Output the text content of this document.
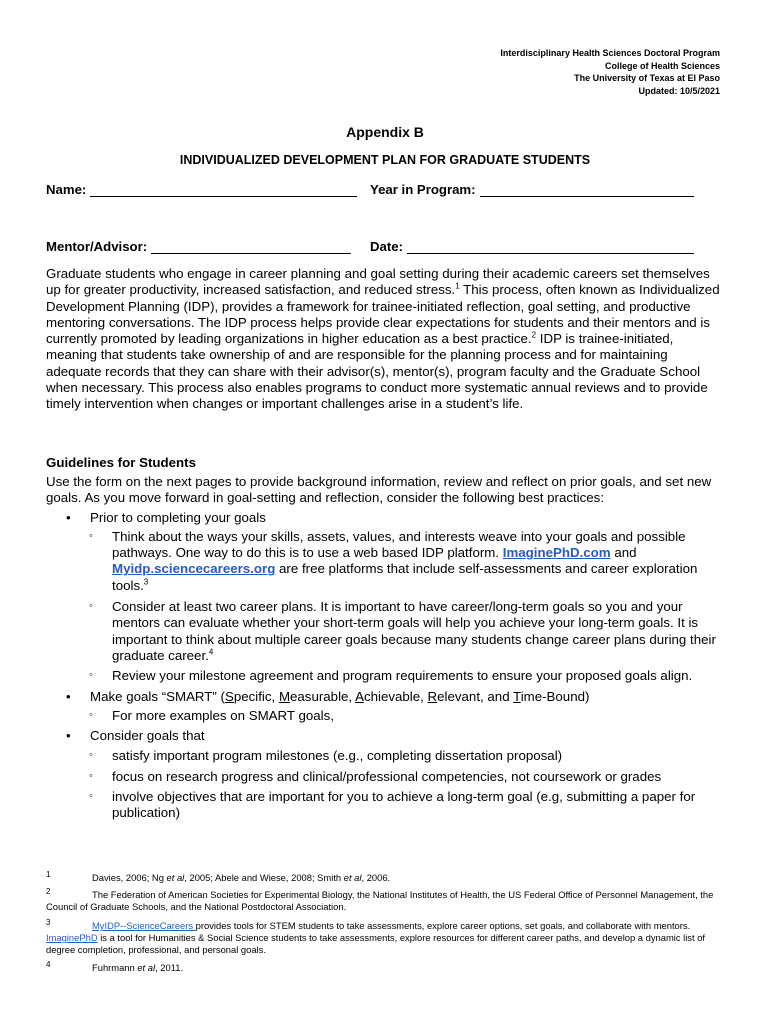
Interdisciplinary Health Sciences Doctoral Program
College of Health Sciences
The University of Texas at El Paso
Updated: 10/5/2021
Appendix B
INDIVIDUALIZED DEVELOPMENT PLAN FOR GRADUATE STUDENTS
Name:	Year in Program:
Mentor/Advisor:	Date:

Graduate students who engage in career planning and goal setting during their academic careers set themselves up for greater productivity, increased satisfaction, and reduced stress.$^1$ This process, often known as Individualized Development Planning (IDP), provides a framework for trainee-initiated reflection, goal setting, and productive mentoring conversations. The IDP process helps provide clear expectations for students and their mentors and is currently promoted by leading organizations in higher education as a best practice.$^2$ IDP is trainee-initiated, meaning that students take ownership of and are responsible for the planning process and for maintaining adequate records that they can share with their advisor(s), mentor(s), program faculty and the Graduate School when necessary. This process also enables programs to conduct more systematic annual reviews and to provide timely intervention when changes or important challenges arise in a student’s life.

Guidelines for Students

Use the form on the next pages to provide background information, review and reflect on prior goals, and set new goals. As you move forward in goal-setting and reflection, consider the following best practices:

• Prior to completing your goals
◦ Think about the ways your skills, assets, values, and interests weave into your goals and possible pathways. One way to do this is to use a web based IDP platform. ImaginePhD.com and Myidp.sciencecareers.org are free platforms that include self-assessments and career exploration tools.$^3$
◦ Consider at least two career plans. It is important to have career/long-term goals so you and your mentors can evaluate whether your short-term goals will help you achieve your long-term goals. It is important to think about multiple career goals because many students change career plans during their graduate career.$^4$
◦ Review your milestone agreement and program requirements to ensure your proposed goals align.
• Make goals “SMART” (Specific, Measurable, Achievable, Relevant, and Time-Bound)
◦ For more examples on SMART goals,
• Consider goals that
◦ satisfy important program milestones (e.g., completing dissertation proposal)
◦ focus on research progress and clinical/professional competencies, not coursework or grades
◦ involve objectives that are important for you to achieve a long-term goal (e.g, submitting a paper for publication)
1	Davies, 2006; Ng et al, 2005; Abele and Wiese, 2008; Smith et al, 2006.
2	The Federation of American Societies for Experimental Biology, the National Institutes of Health, the US Federal Office of Personnel Management, the Council of Graduate Schools, and the National Postdoctoral Association.
3	MyIDP--ScienceCareers provides tools for STEM students to take assessments, explore career options, set goals, and collaborate with mentors. ImaginePhD is a tool for Humanities & Social Science students to take assessments, explore resources for different career paths, and develop a dynamic list of degree completion, professional, and personal goals.
4	Fuhrmann et al, 2011.
